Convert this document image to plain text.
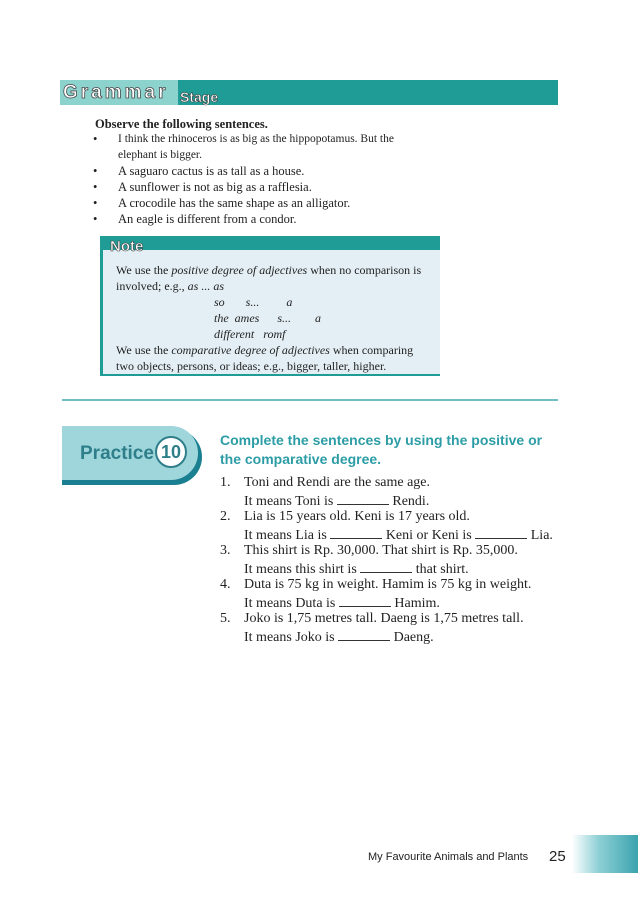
Grammar Stage
Observe the following sentences.
• I think the rhinoceros is as big as the hippopotamus. But the
elephant is bigger.
• A saguaro cactus is as tall as a house.
• A sunflower is not as big as a rafflesia.
• A crocodile has the same shape as an alligator.
• An eagle is different from a condor.
Note
We use the positive degree of adjectives when no comparison is
involved; e.g., as ... as
so       s...         a
the  ames      s...        a
different   romf
We use the comparative degree of adjectives when comparing
two objects, persons, or ideas; e.g., bigger, taller, higher.
Practice 10
Complete the sentences by using the positive or the comparative degree.
1. Toni and Rendi are the same age.
It means Toni is	Rendi.
2. Lia is 15 years old. Keni is 17 years old.
It means Lia is	Keni or Keni is	Lia.
3. This shirt is Rp. 30,000. That shirt is Rp. 35,000.
It means this shirt is	that shirt.
4. Duta is 75 kg in weight. Hamim is 75 kg in weight.
It means Duta is	Hamim.
5. Joko is 1,75 metres tall. Daeng is 1,75 metres tall.
It means Joko is	Daeng.
My Favourite Animals and Plants 25
